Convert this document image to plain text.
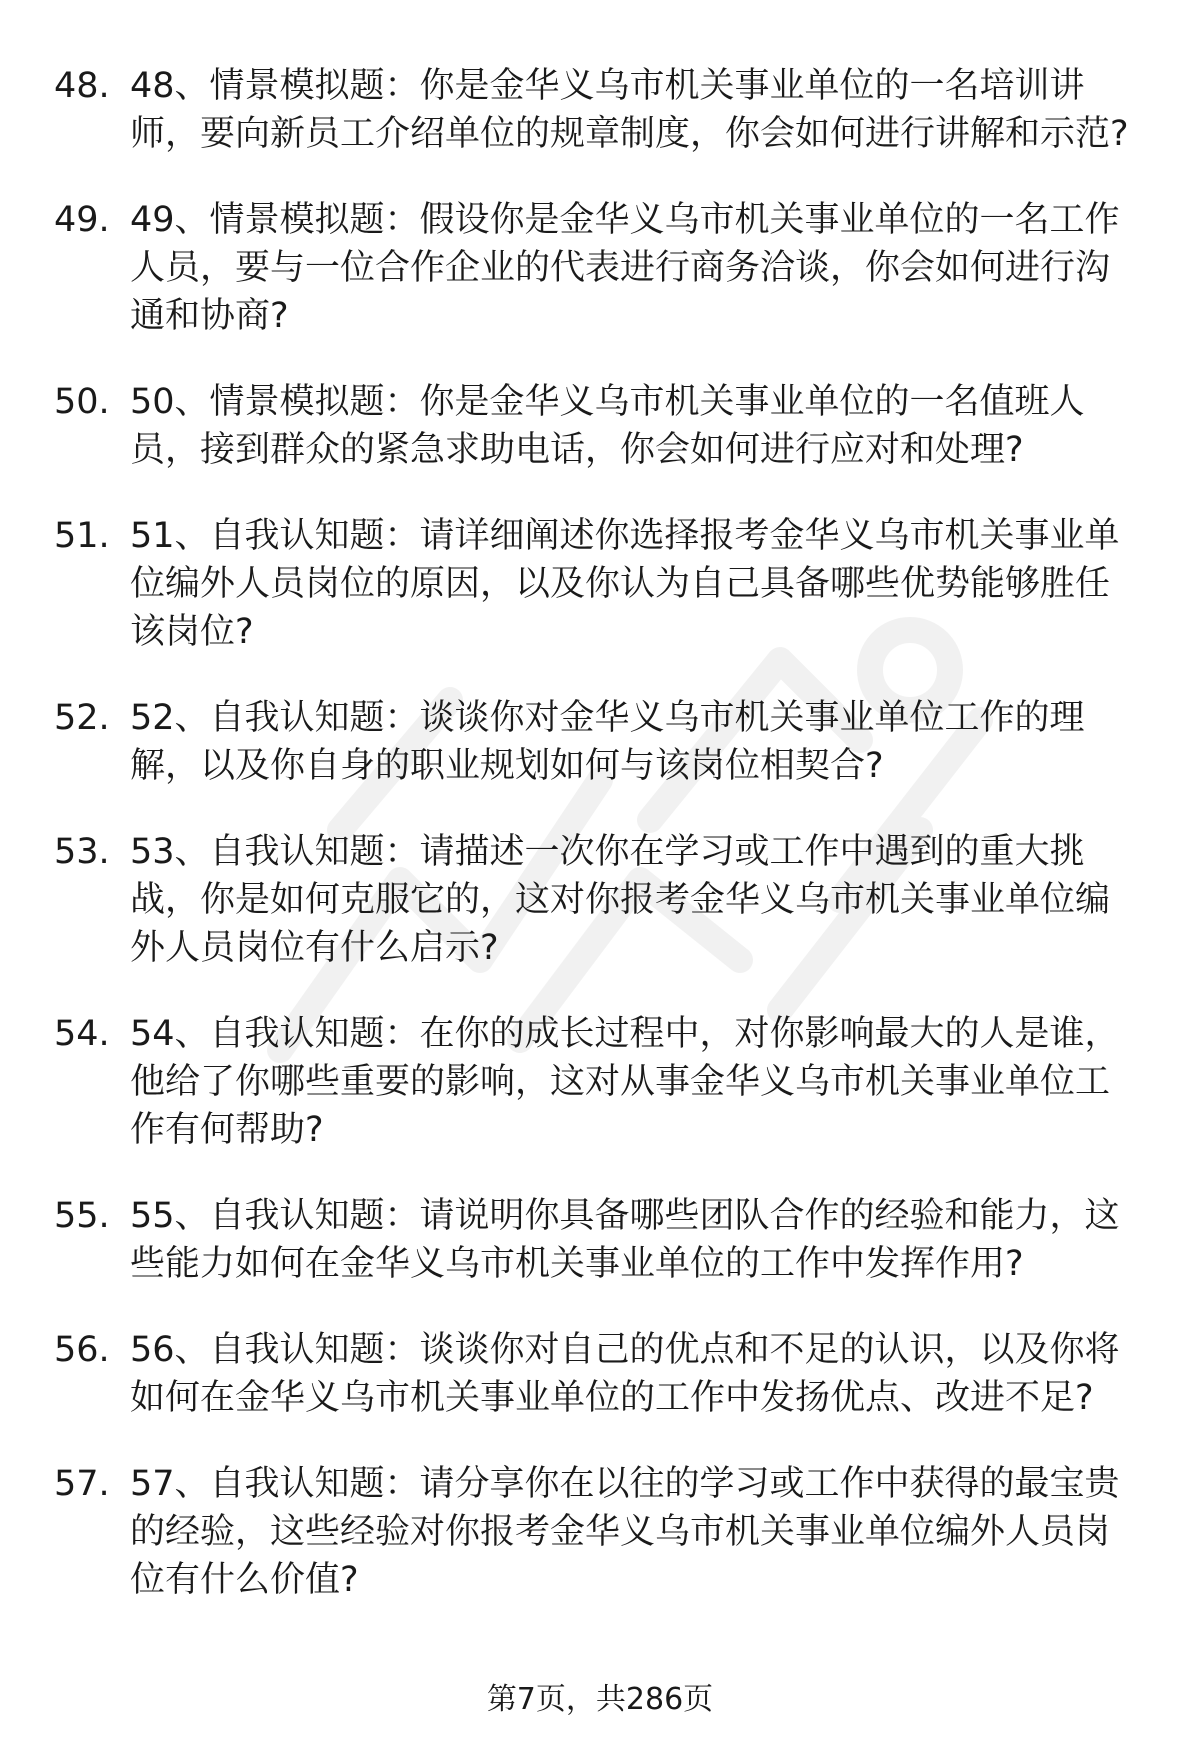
48. 48、情景模拟题：你是金华义乌市机关事业单位的一名培训讲师，要向新员工介绍单位的规章制度，你会如何进行讲解和示范?
49. 49、情景模拟题：假设你是金华义乌市机关事业单位的一名工作人员，要与一位合作企业的代表进行商务洽谈，你会如何进行沟通和协商?
50. 50、情景模拟题：你是金华义乌市机关事业单位的一名值班人员，接到群众的紧急求助电话，你会如何进行应对和处理?
51. 51、自我认知题：请详细阐述你选择报考金华义乌市机关事业单位编外人员岗位的原因，以及你认为自己具备哪些优势能够胜任该岗位?
52. 52、自我认知题：谈谈你对金华义乌市机关事业单位工作的理解，以及你自身的职业规划如何与该岗位相契合?
53. 53、自我认知题：请描述一次你在学习或工作中遇到的重大挑战，你是如何克服它的，这对你报考金华义乌市机关事业单位编外人员岗位有什么启示?
54. 54、自我认知题：在你的成长过程中，对你影响最大的人是谁，他给了你哪些重要的影响，这对从事金华义乌市机关事业单位工作有何帮助?
55. 55、自我认知题：请说明你具备哪些团队合作的经验和能力，这些能力如何在金华义乌市机关事业单位的工作中发挥作用?
56. 56、自我认知题：谈谈你对自己的优点和不足的认识，以及你将如何在金华义乌市机关事业单位的工作中发扬优点、改进不足?
57. 57、自我认知题：请分享你在以往的学习或工作中获得的最宝贵的经验，这些经验对你报考金华义乌市机关事业单位编外人员岗位有什么价值?
第7页，共286页
